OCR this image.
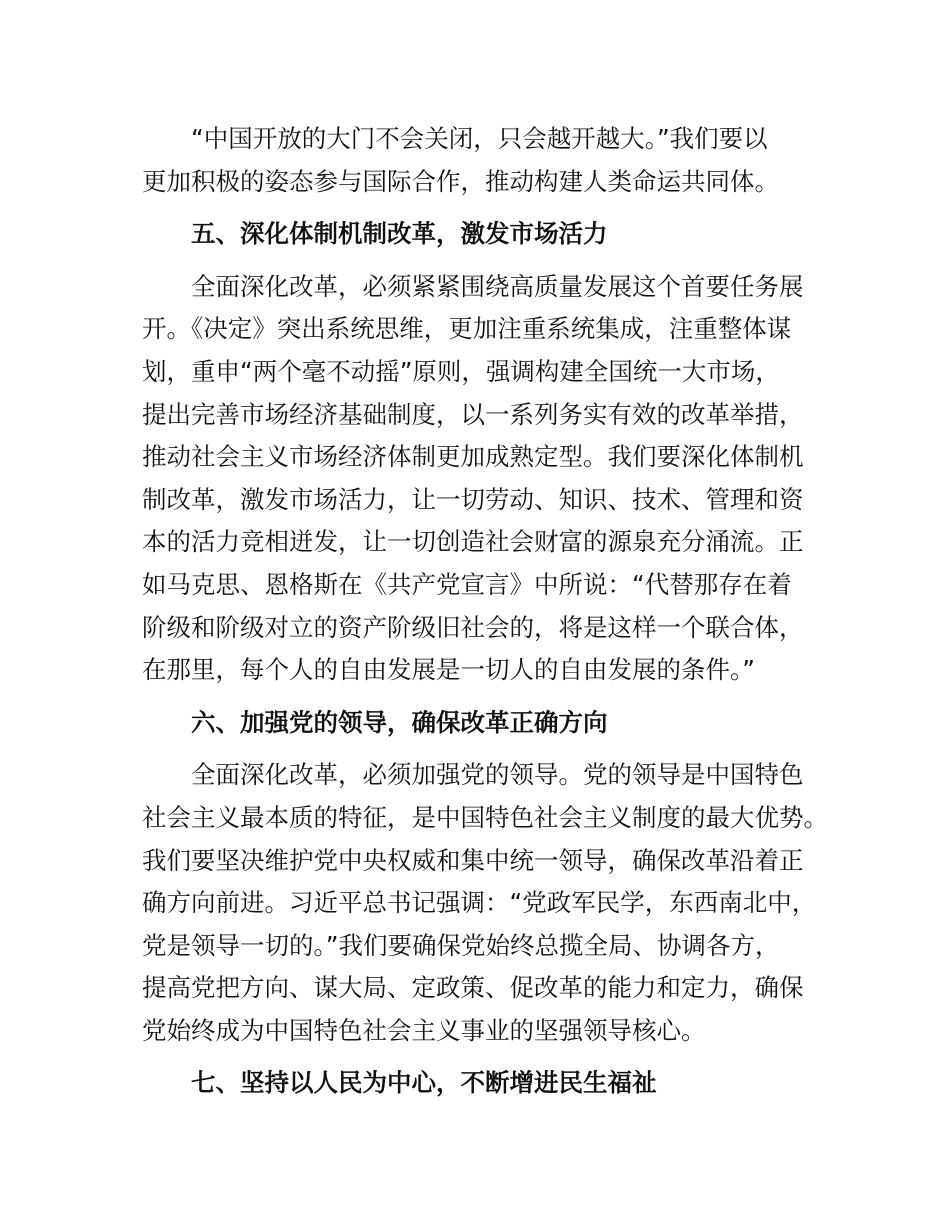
“中国开放的大门不会关闭，只会越开越大。”我们要以
更加积极的姿态参与国际合作，推动构建人类命运共同体。

五、深化体制机制改革，激发市场活力

全面深化改革，必须紧紧围绕高质量发展这个首要任务展
开。《决定》突出系统思维，更加注重系统集成，注重整体谋
划，重申“两个毫不动摇”原则，强调构建全国统一大市场，
提出完善市场经济基础制度，以一系列务实有效的改革举措，
推动社会主义市场经济体制更加成熟定型。我们要深化体制机
制改革，激发市场活力，让一切劳动、知识、技术、管理和资
本的活力竞相迸发，让一切创造社会财富的源泉充分涌流。正
如马克思、恩格斯在《共产党宣言》中所说：“代替那存在着
阶级和阶级对立的资产阶级旧社会的，将是这样一个联合体，
在那里，每个人的自由发展是一切人的自由发展的条件。”

六、加强党的领导，确保改革正确方向

全面深化改革，必须加强党的领导。党的领导是中国特色
社会主义最本质的特征，是中国特色社会主义制度的最大优势。
我们要坚决维护党中央权威和集中统一领导，确保改革沿着正
确方向前进。习近平总书记强调：“党政军民学，东西南北中，
党是领导一切的。”我们要确保党始终总揽全局、协调各方，
提高党把方向、谋大局、定政策、促改革的能力和定力，确保
党始终成为中国特色社会主义事业的坚强领导核心。

七、坚持以人民为中心，不断增进民生福祉
